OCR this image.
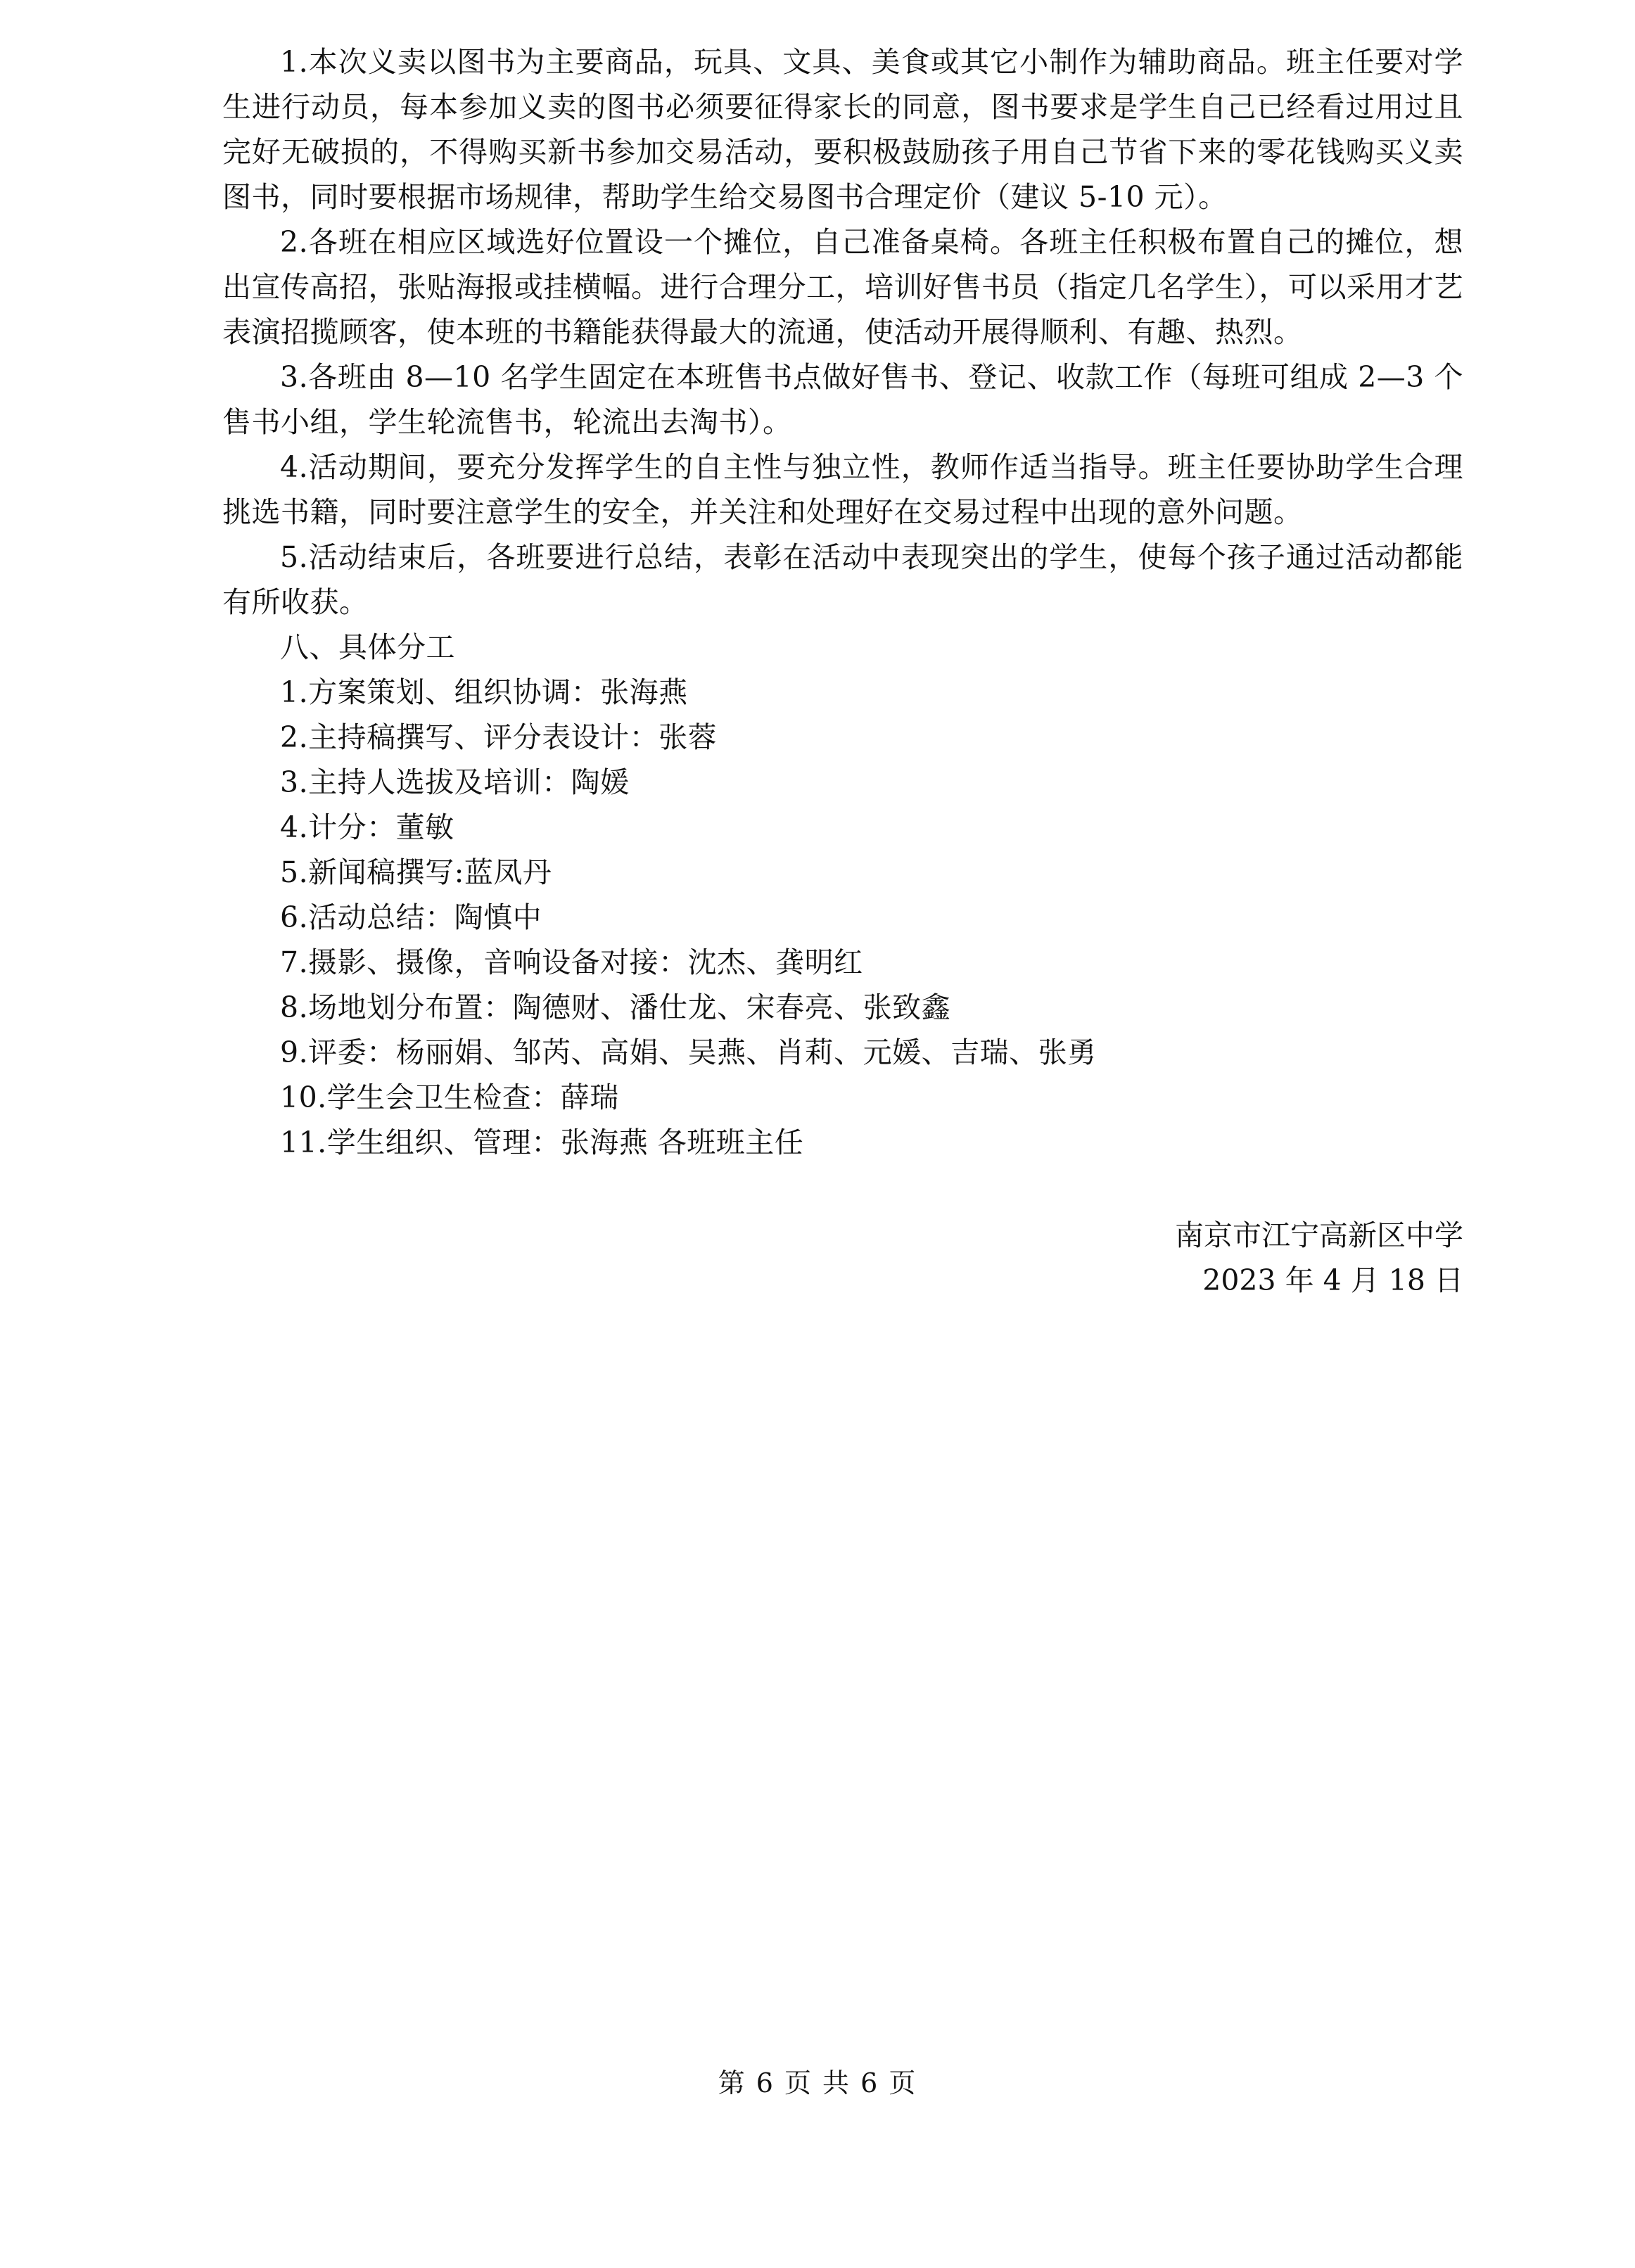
1.本次义卖以图书为主要商品，玩具、文具、美食或其它小制作为辅助商品。班主任要对学生进行动员，每本参加义卖的图书必须要征得家长的同意，图书要求是学生自己已经看过用过且完好无破损的，不得购买新书参加交易活动，要积极鼓励孩子用自己节省下来的零花钱购买义卖图书，同时要根据市场规律，帮助学生给交易图书合理定价（建议 5-10 元）。

2.各班在相应区域选好位置设一个摊位，自己准备桌椅。各班主任积极布置自己的摊位，想出宣传高招，张贴海报或挂横幅。进行合理分工，培训好售书员（指定几名学生），可以采用才艺表演招揽顾客，使本班的书籍能获得最大的流通，使活动开展得顺利、有趣、热烈。

3.各班由 8—10 名学生固定在本班售书点做好售书、登记、收款工作（每班可组成 2—3 个售书小组，学生轮流售书，轮流出去淘书）。

4.活动期间，要充分发挥学生的自主性与独立性，教师作适当指导。班主任要协助学生合理挑选书籍，同时要注意学生的安全，并关注和处理好在交易过程中出现的意外问题。

5.活动结束后，各班要进行总结，表彰在活动中表现突出的学生，使每个孩子通过活动都能有所收获。

八、具体分工

1.方案策划、组织协调：张海燕

2.主持稿撰写、评分表设计：张蓉

3.主持人选拔及培训：陶媛

4.计分：董敏

5.新闻稿撰写:蓝凤丹

6.活动总结：陶慎中

7.摄影、摄像，音响设备对接：沈杰、龚明红

8.场地划分布置：陶德财、潘仕龙、宋春亮、张致鑫

9.评委：杨丽娟、邹芮、高娟、吴燕、肖莉、元媛、吉瑞、张勇

10.学生会卫生检查：薛瑞

11.学生组织、管理：张海燕 各班班主任

南京市江宁高新区中学
2023 年 4 月 18 日
第 6 页 共 6 页
